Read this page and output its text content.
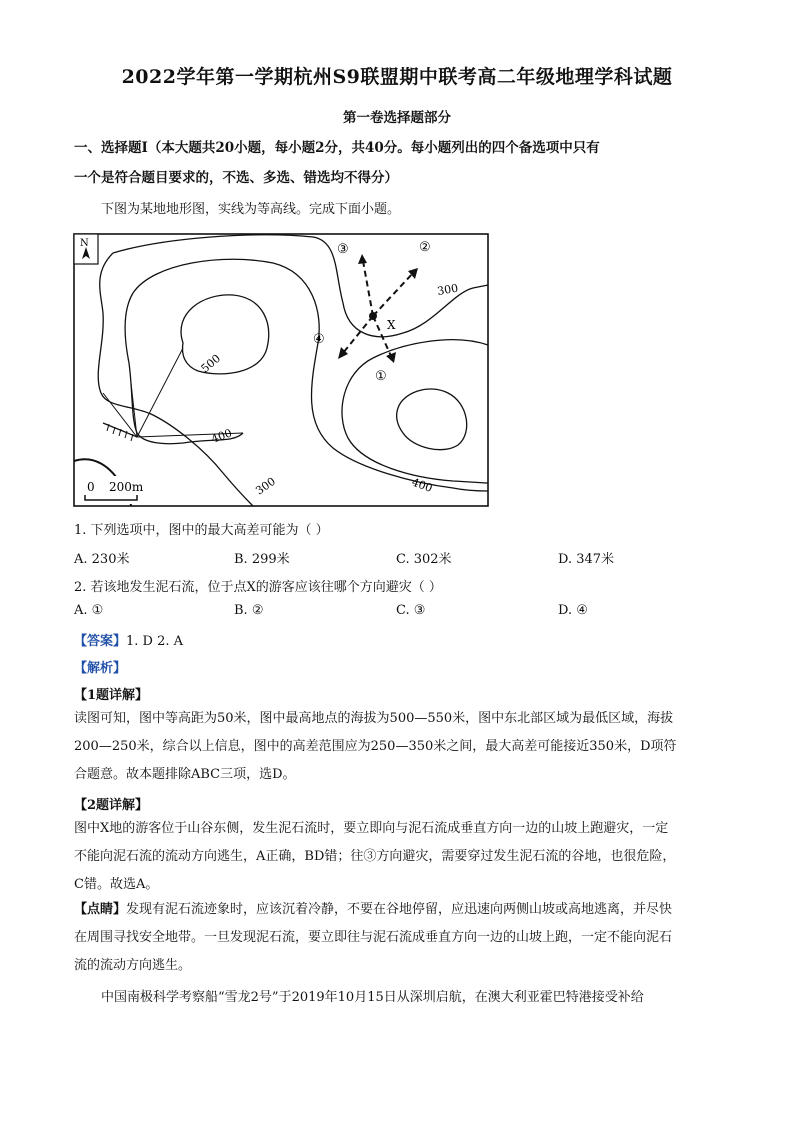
2022学年第一学期杭州S9联盟期中联考高二年级地理学科试题
第一卷选择题部分
一、选择题Ⅰ（本大题共20小题，每小题2分，共40分。每小题列出的四个备选项中只有
一个是符合题目要求的，不选、多选、错选均不得分）
下图为某地地形图，实线为等高线。完成下面小题。
N
300
500
400
300	400
X
③	②
④
①
0 200m
1. 下列选项中，图中的最大高差可能为（ ）
A. 230米	B. 299米	C. 302米	D. 347米
2. 若该地发生泥石流，位于点X的游客应该往哪个方向避灾（ ）
A. ①	B. ②	C. ③	D. ④
【答案】1. D 2. A
【解析】
【1题详解】
读图可知，图中等高距为50米，图中最高地点的海拔为500—550米，图中东北部区域为最低区域，海拔
200—250米，综合以上信息，图中的高差范围应为250—350米之间，最大高差可能接近350米，D项符
合题意。故本题排除ABC三项，选D。
【2题详解】
图中X地的游客位于山谷东侧，发生泥石流时，要立即向与泥石流成垂直方向一边的山坡上跑避灾，一定
不能向泥石流的流动方向逃生，A正确，BD错；往③方向避灾，需要穿过发生泥石流的谷地，也很危险，
C错。故选A。
【点睛】发现有泥石流迹象时，应该沉着冷静，不要在谷地停留，应迅速向两侧山坡或高地逃离，并尽快
在周围寻找安全地带。一旦发现泥石流，要立即往与泥石流成垂直方向一边的山坡上跑，一定不能向泥石
流的流动方向逃生。
中国南极科学考察船“雪龙2号”于2019年10月15日从深圳启航，在澳大利亚霍巴特港接受补给
